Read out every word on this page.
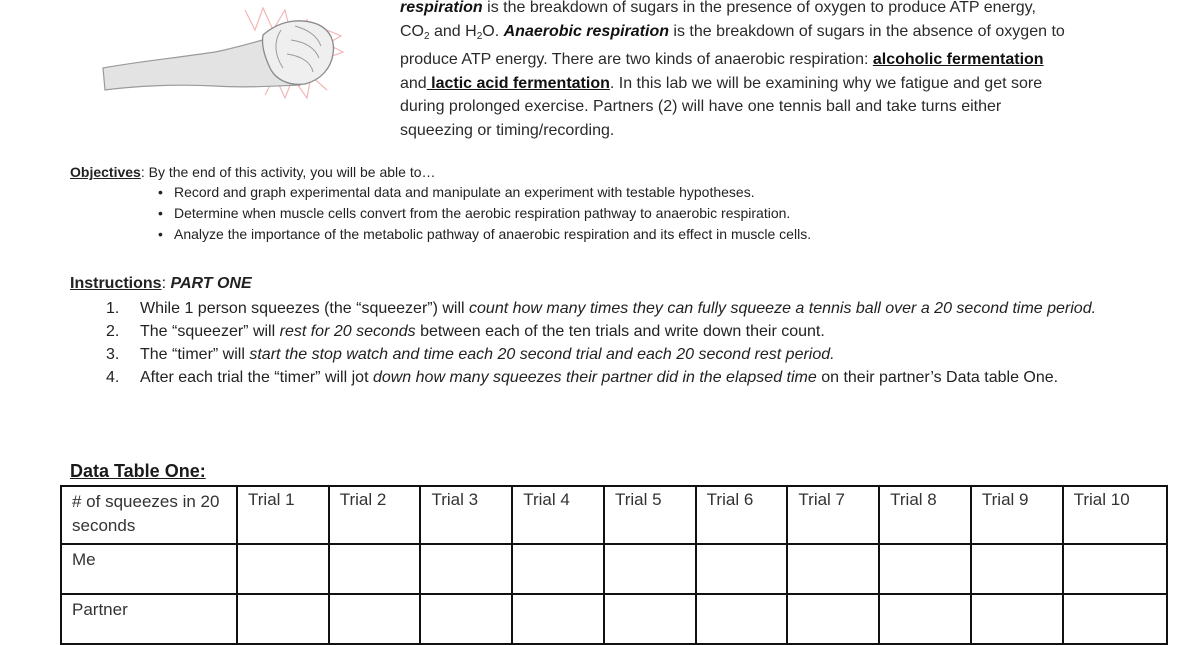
respiration is the breakdown of sugars in the presence of oxygen to produce ATP energy,
$CO_2$ and $H_2O$. Anaerobic respiration is the breakdown of sugars in the absence of oxygen to
produce ATP energy. There are two kinds of anaerobic respiration: alcoholic fermentation
and lactic acid fermentation. In this lab we will be examining why we fatigue and get sore
during prolonged exercise. Partners (2) will have one tennis ball and take turns either
squeezing or timing/recording.
Objectives: By the end of this activity, you will be able to…
• Record and graph experimental data and manipulate an experiment with testable hypotheses.
• Determine when muscle cells convert from the aerobic respiration pathway to anaerobic respiration.
• Analyze the importance of the metabolic pathway of anaerobic respiration and its effect in muscle cells.
Instructions: PART ONE
1. While 1 person squeezes (the “squeezer”) will count how many times they can fully squeeze a tennis ball over a 20 second time period.
2. The “squeezer” will rest for 20 seconds between each of the ten trials and write down their count.
3. The “timer” will start the stop watch and time each 20 second trial and each 20 second rest period.
4. After each trial the “timer” will jot down how many squeezes their partner did in the elapsed time on their partner’s Data table One.
Data Table One:
# of squeezes in 20 seconds	Trial 1	Trial 2	Trial 3	Trial 4	Trial 5	Trial 6	Trial 7	Trial 8	Trial 9	Trial 10
Me										
Partner										
